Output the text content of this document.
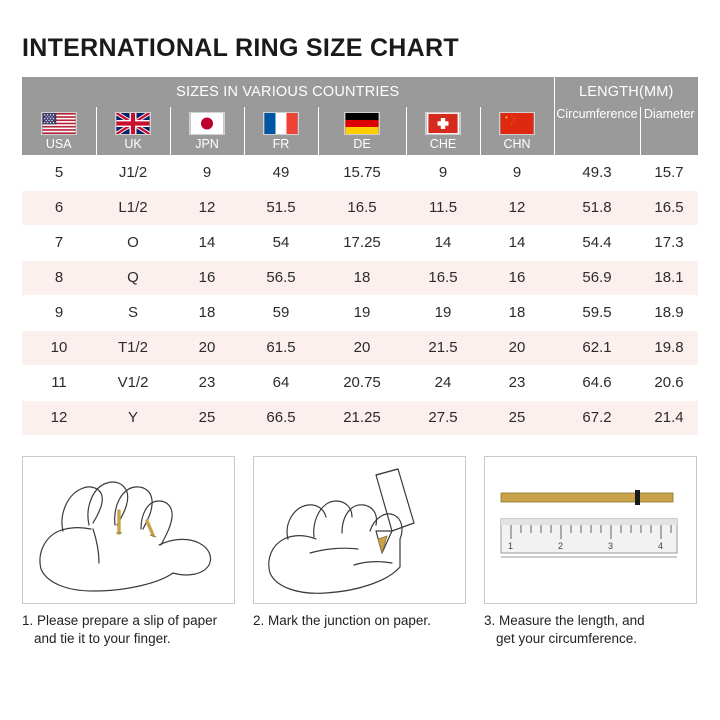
INTERNATIONAL RING SIZE CHART
SIZES IN VARIOUS COUNTRIES							LENGTH(MM)	

USA	UK	JPN	FR	DE	CHE	CHN	Circumference	Diameter
5	J1/2	9	49	15.75	9	9	49.3	15.7
6	L1/2	12	51.5	16.5	11.5	12	51.8	16.5
7	O	14	54	17.25	14	14	54.4	17.3
8	Q	16	56.5	18	16.5	16	56.9	18.1
9	S	18	59	19	19	18	59.5	18.9
10	T1/2	20	61.5	20	21.5	20	62.1	19.8
11	V1/2	23	64	20.75	24	23	64.6	20.6
12	Y	25	66.5	21.25	27.5	25	67.2	21.4
1. Please prepare a slip of paper
and tie it to your finger.
2. Mark the junction on paper.
1	2	3	4
3. Measure the length, and
get your circumference.
